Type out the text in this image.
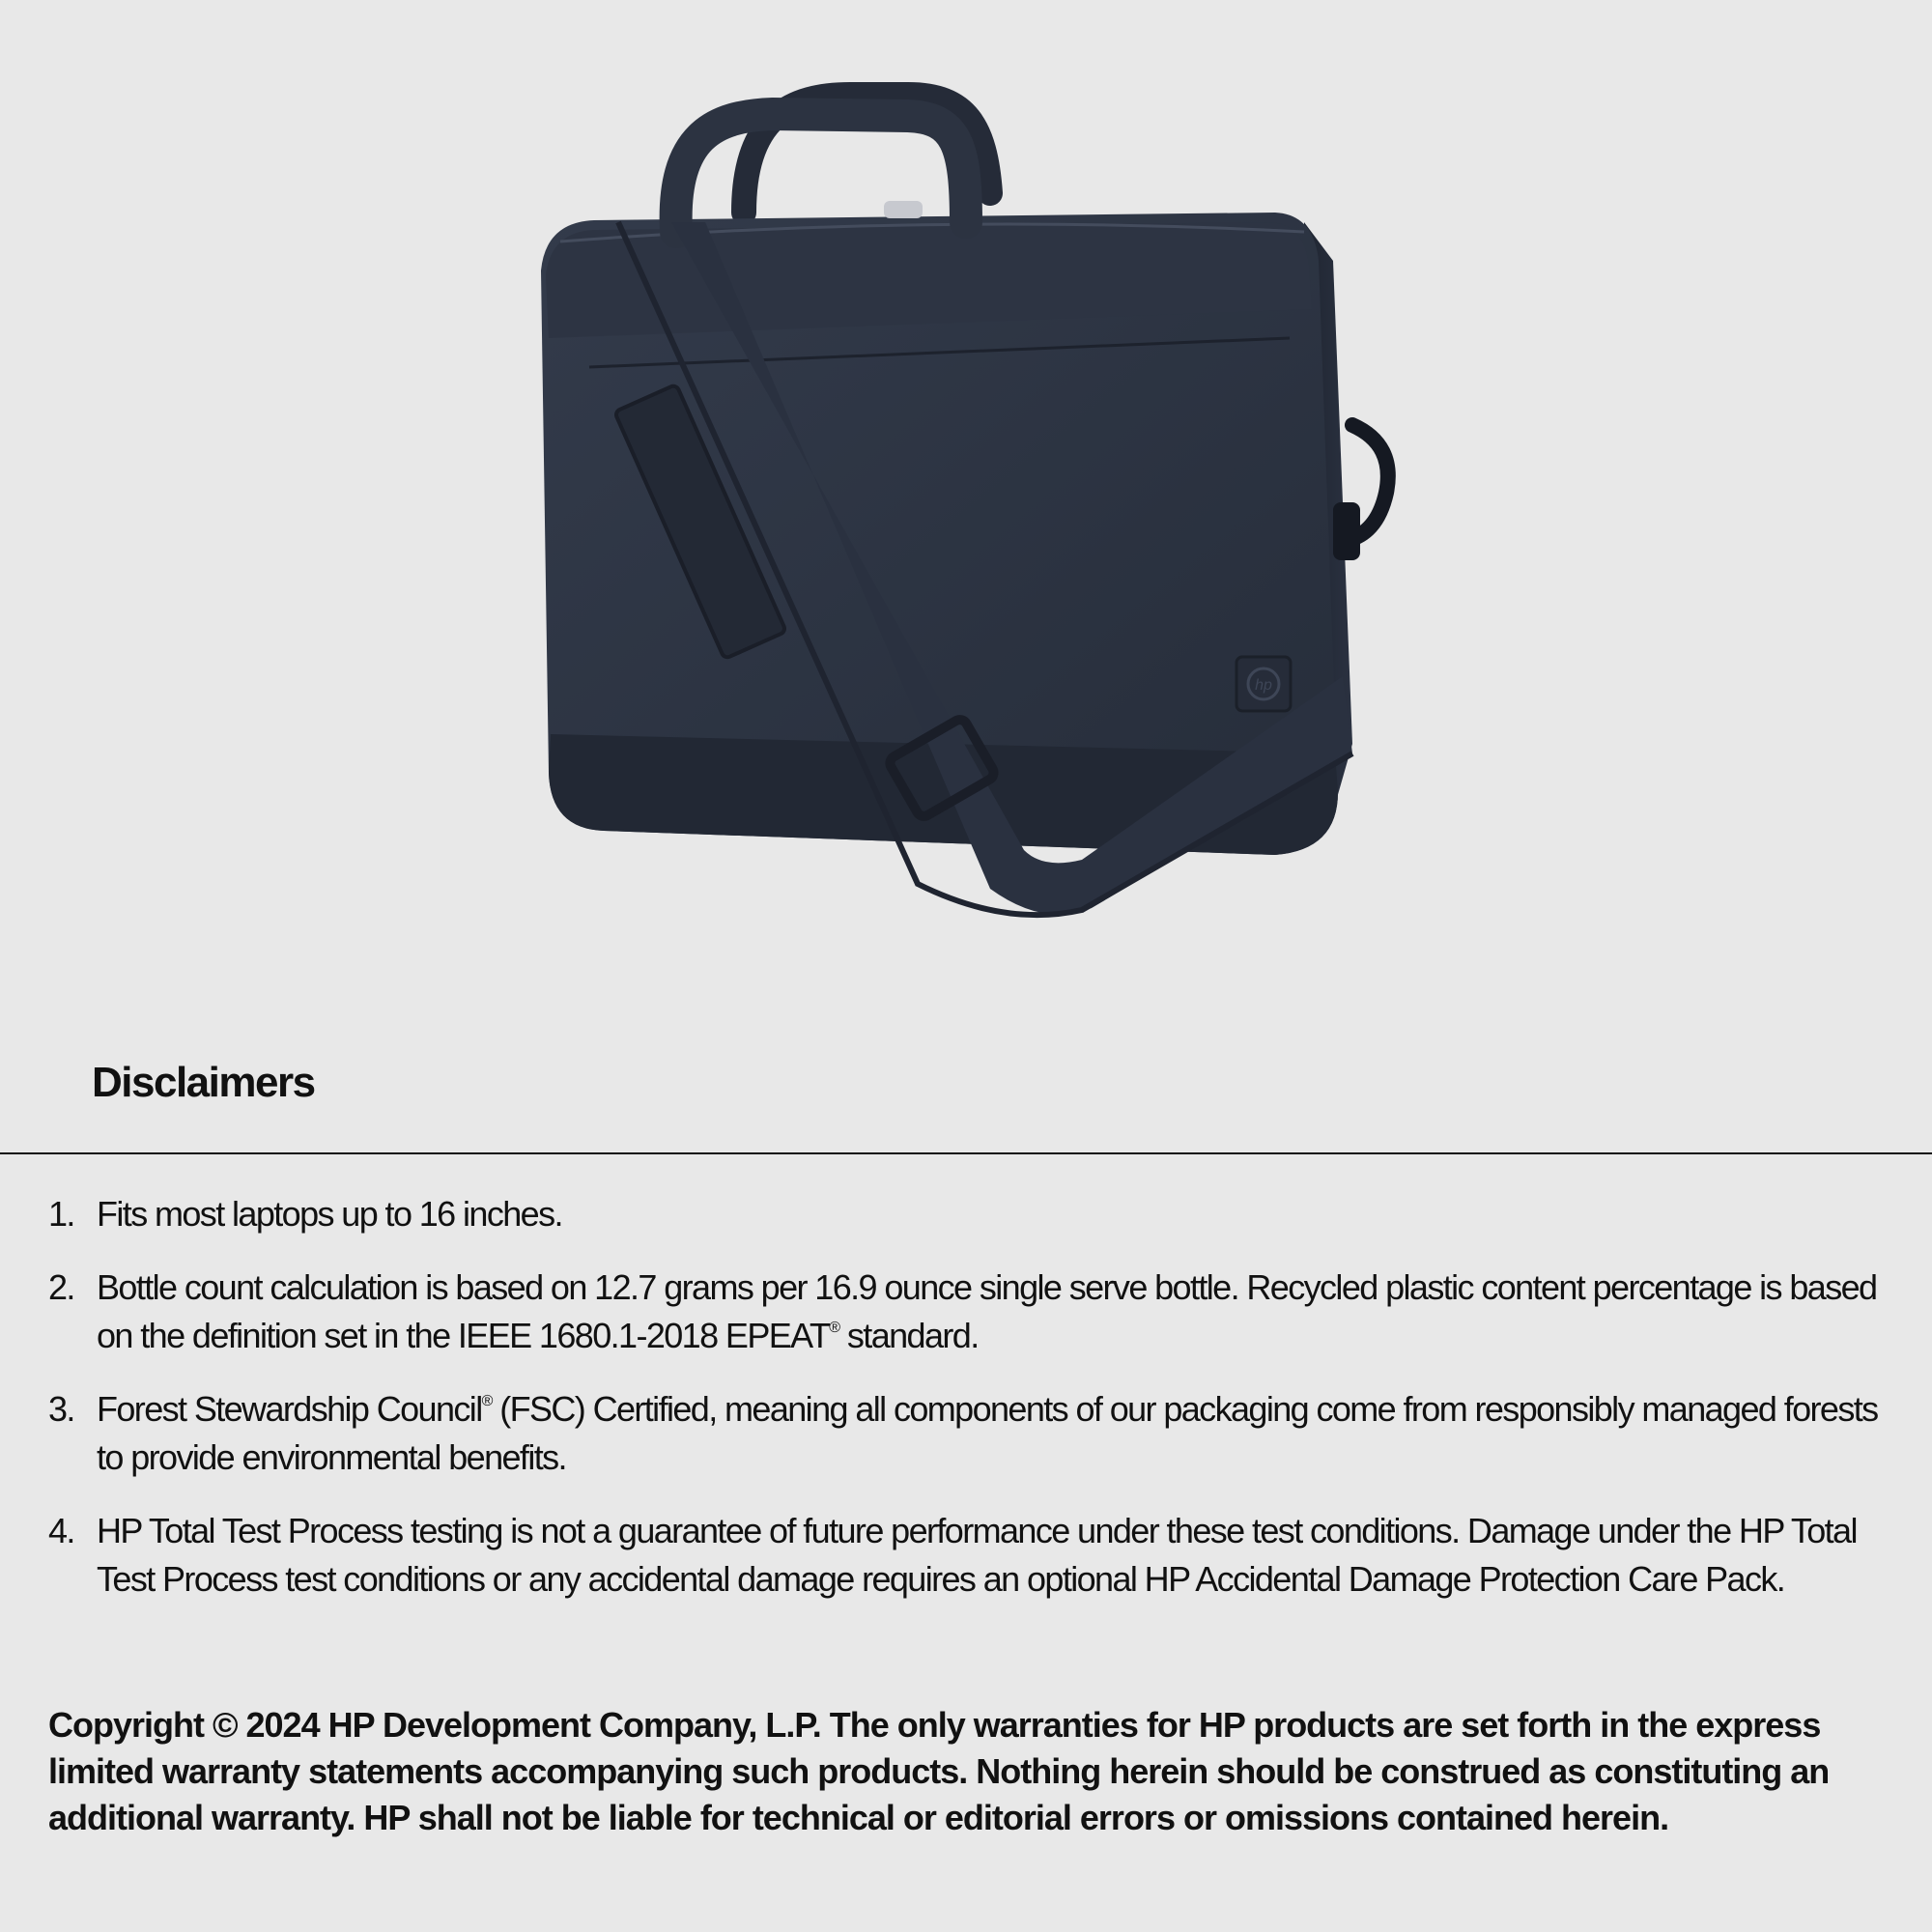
hp
Disclaimers
1. Fits most laptops up to 16 inches.
2. Bottle count calculation is based on 12.7 grams per 16.9 ounce single serve bottle. Recycled plastic content percentage is based on the definition set in the IEEE 1680.1-2018 EPEAT® standard.
3. Forest Stewardship Council® (FSC) Certified, meaning all components of our packaging come from responsibly managed forests to provide environmental benefits.
4. HP Total Test Process testing is not a guarantee of future performance under these test conditions. Damage under the HP Total Test Process test conditions or any accidental damage requires an optional HP Accidental Damage Protection Care Pack.

Copyright © 2024 HP Development Company, L.P. The only warranties for HP products are set forth in the express limited warranty statements accompanying such products. Nothing herein should be construed as constituting an additional warranty. HP shall not be liable for technical or editorial errors or omissions contained herein.
